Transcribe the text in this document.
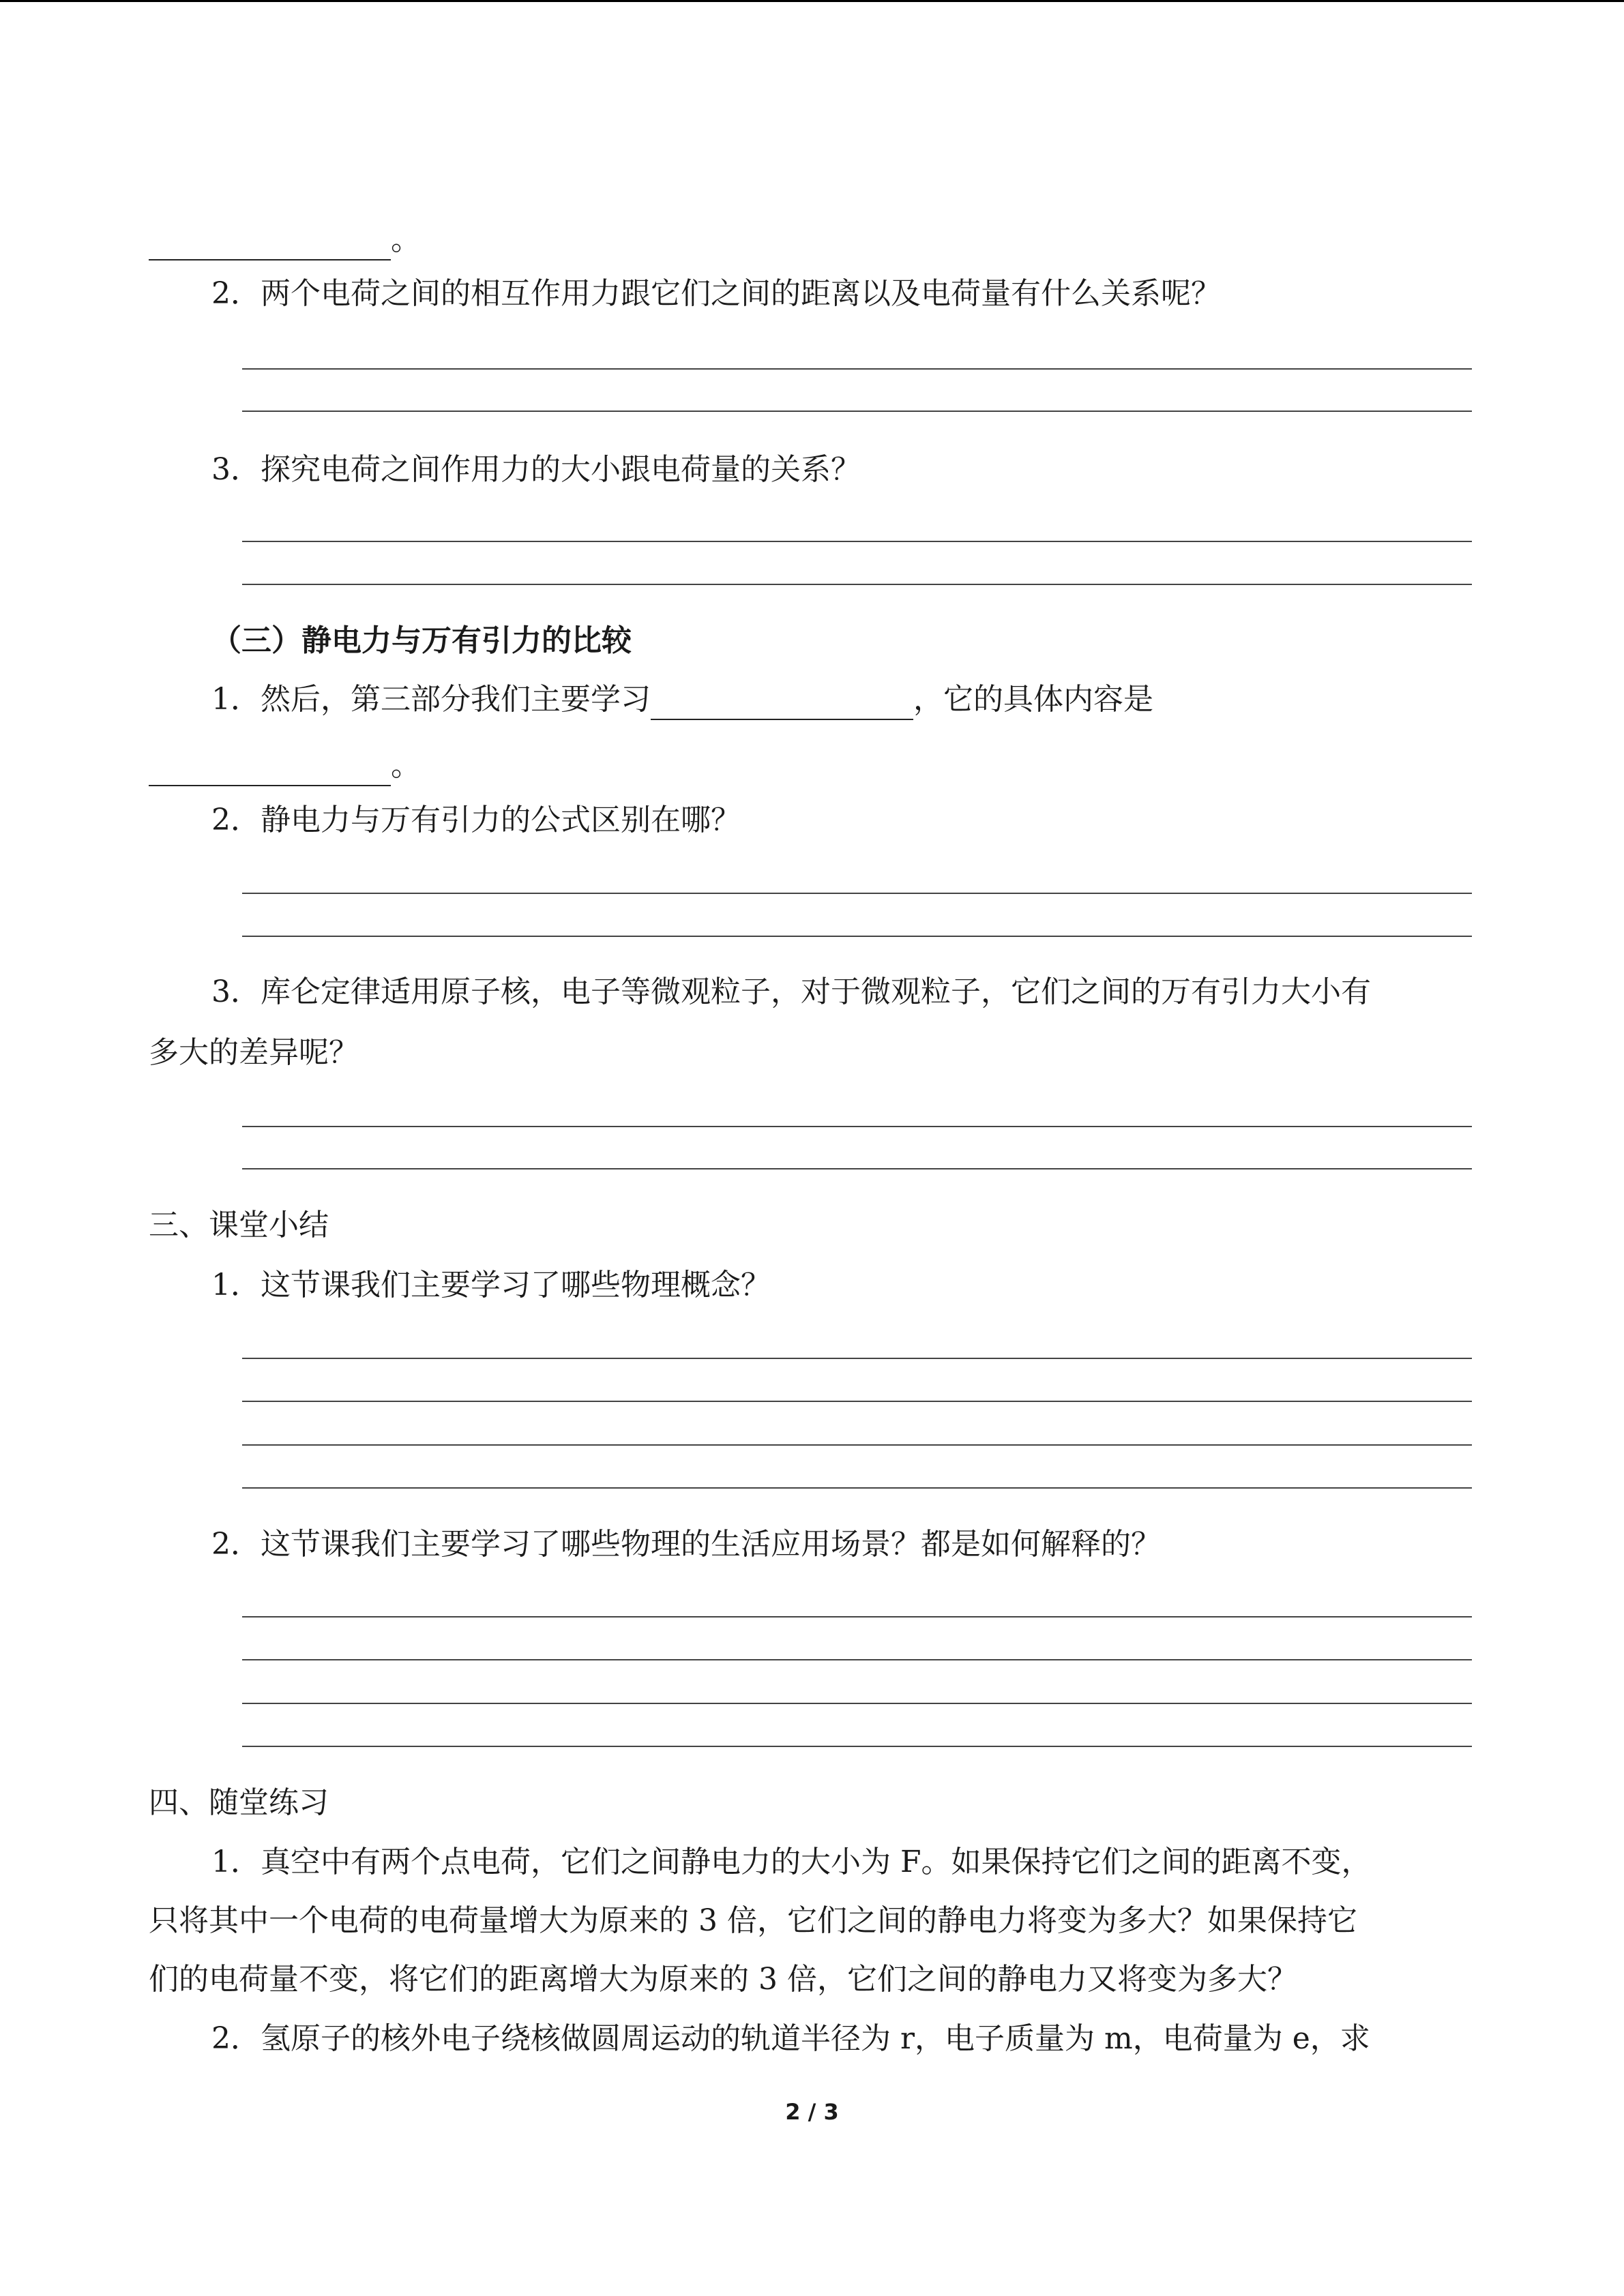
。
2．两个电荷之间的相互作用力跟它们之间的距离以及电荷量有什么关系呢？
3．探究电荷之间作用力的大小跟电荷量的关系？
（三）静电力与万有引力的比较
1．然后，第三部分我们主要学习	，它的具体内容是
。
2．静电力与万有引力的公式区别在哪？
3．库仑定律适用原子核，电子等微观粒子，对于微观粒子，它们之间的万有引力大小有
多大的差异呢？
三、课堂小结
1．这节课我们主要学习了哪些物理概念？
2．这节课我们主要学习了哪些物理的生活应用场景？都是如何解释的？
四、随堂练习
1．真空中有两个点电荷，它们之间静电力的大小为 F。如果保持它们之间的距离不变，
只将其中一个电荷的电荷量增大为原来的 3 倍，它们之间的静电力将变为多大？如果保持它
们的电荷量不变，将它们的距离增大为原来的 3 倍，它们之间的静电力又将变为多大？
2．氢原子的核外电子绕核做圆周运动的轨道半径为 r，电子质量为 m，电荷量为 e，求
2 / 3
